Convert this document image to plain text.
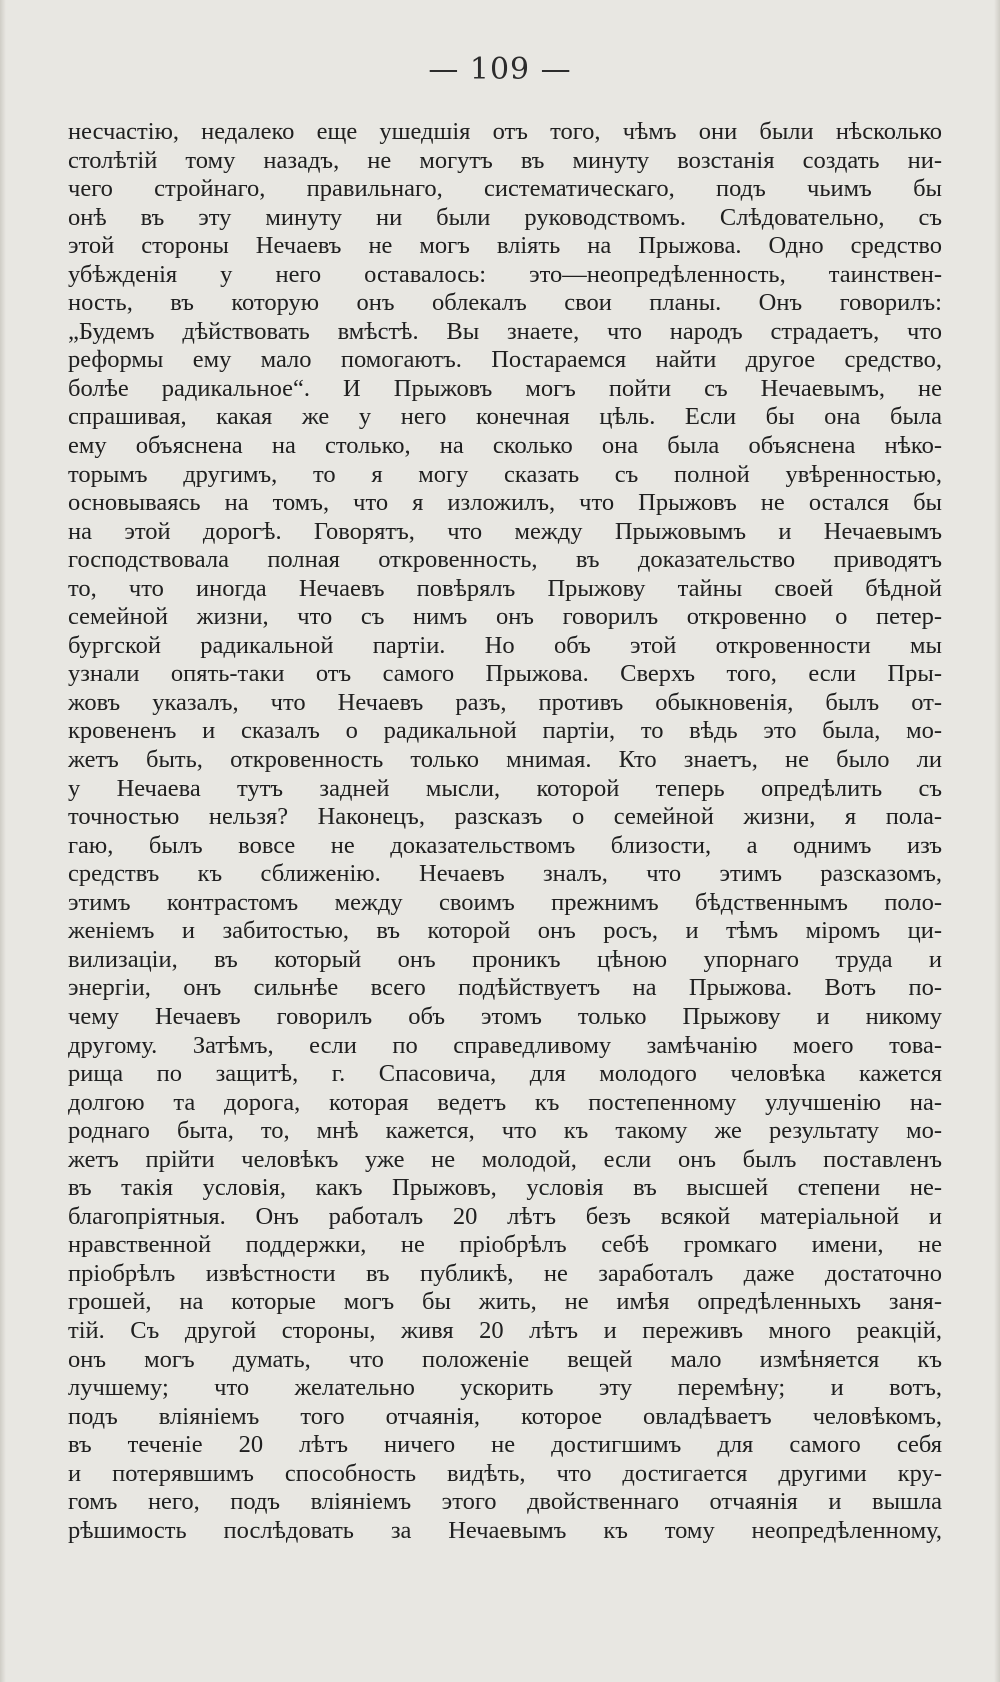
— 109 —
несчастію, недалеко еще ушедшія отъ того, чѣмъ они были нѣсколько
столѣтій тому назадъ, не могутъ въ минуту возстанія создать ни-
чего стройнаго, правильнаго, систематическаго, подъ чьимъ бы
онѣ въ эту минуту ни были руководствомъ. Слѣдовательно, съ
этой стороны Нечаевъ не могъ вліять на Прыжова. Одно средство
убѣжденія у него оставалось: это—неопредѣленность, таинствен-
ность, въ которую онъ облекалъ свои планы. Онъ говорилъ:
„Будемъ дѣйствовать вмѣстѣ. Вы знаете, что народъ страдаетъ, что
реформы ему мало помогаютъ. Постараемся найти другое средство,
болѣе радикальное“. И Прыжовъ могъ пойти съ Нечаевымъ, не
спрашивая, какая же у него конечная цѣль. Если бы она была
ему объяснена на столько, на сколько она была объяснена нѣко-
торымъ другимъ, то я могу сказать съ полной увѣренностью,
основываясь на томъ, что я изложилъ, что Прыжовъ не остался бы
на этой дорогѣ. Говорятъ, что между Прыжовымъ и Нечаевымъ
господствовала полная откровенность, въ доказательство приводятъ
то, что иногда Нечаевъ повѣрялъ Прыжову тайны своей бѣдной
семейной жизни, что съ нимъ онъ говорилъ откровенно о петер-
бургской радикальной партіи. Но объ этой откровенности мы
узнали опять-таки отъ самого Прыжова. Сверхъ того, если Пры-
жовъ указалъ, что Нечаевъ разъ, противъ обыкновенія, былъ от-
кровененъ и сказалъ о радикальной партіи, то вѣдь это была, мо-
жетъ быть, откровенность только мнимая. Кто знаетъ, не было ли
у Нечаева тутъ задней мысли, которой теперь опредѣлить съ
точностью нельзя? Наконецъ, разсказъ о семейной жизни, я пола-
гаю, былъ вовсе не доказательствомъ близости, а однимъ изъ
средствъ къ сближенію. Нечаевъ зналъ, что этимъ разсказомъ,
этимъ контрастомъ между своимъ прежнимъ бѣдственнымъ поло-
женіемъ и забитостью, въ которой онъ росъ, и тѣмъ міромъ ци-
вилизаціи, въ который онъ проникъ цѣною упорнаго труда и
энергіи, онъ сильнѣе всего подѣйствуетъ на Прыжова. Вотъ по-
чему Нечаевъ говорилъ объ этомъ только Прыжову и никому
другому. Затѣмъ, если по справедливому замѣчанію моего това-
рища по защитѣ, г. Спасовича, для молодого человѣка кажется
долгою та дорога, которая ведетъ къ постепенному улучшенію на-
роднаго быта, то, мнѣ кажется, что къ такому же результату мо-
жетъ прійти человѣкъ уже не молодой, если онъ былъ поставленъ
въ такія условія, какъ Прыжовъ, условія въ высшей степени не-
благопріятныя. Онъ работалъ 20 лѣтъ безъ всякой матеріальной и
нравственной поддержки, не пріобрѣлъ себѣ громкаго имени, не
пріобрѣлъ извѣстности въ публикѣ, не заработалъ даже достаточно
грошей, на которые могъ бы жить, не имѣя опредѣленныхъ заня-
тій. Съ другой стороны, живя 20 лѣтъ и переживъ много реакцій,
онъ могъ думать, что положеніе вещей мало измѣняется къ
лучшему; что желательно ускорить эту перемѣну; и вотъ,
подъ вліяніемъ того отчаянія, которое овладѣваетъ человѣкомъ,
въ теченіе 20 лѣтъ ничего не достигшимъ для самого себя
и потерявшимъ способность видѣть, что достигается другими кру-
гомъ него, подъ вліяніемъ этого двойственнаго отчаянія и вышла
рѣшимость послѣдовать за Нечаевымъ къ тому неопредѣленному,
